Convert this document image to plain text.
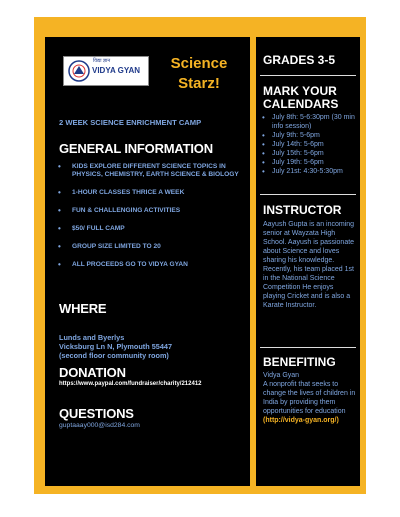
विद्या ज्ञान
VIDYA GYAN	Science Starz!
2 WEEK SCIENCE ENRICHMENT CAMP
GENERAL INFORMATION
• KIDS EXPLORE DIFFERENT SCIENCE TOPICS IN PHYSICS, CHEMISTRY, EARTH SCIENCE & BIOLOGY
• 1-HOUR CLASSES THRICE A WEEK
• FUN & CHALLENGING ACTIVITIES
• $50/ FULL CAMP
• GROUP SIZE LIMITED TO 20
• ALL PROCEEDS GO TO VIDYA GYAN
WHERE
Lunds and Byerlys
Vicksburg Ln N, Plymouth 55447
(second floor community room)
DONATION
https://www.paypal.com/fundraiser/charity/212412
QUESTIONS
guptaaay000@isd284.com
GRADES 3-5
MARK YOUR CALENDARS
• July 8th: 5-6:30pm (30 min info session)
• July 9th: 5-6pm
• July 14th: 5-6pm
• July 15th: 5-6pm
• July 19th: 5-6pm
• July 21st: 4:30-5:30pm
INSTRUCTOR
Aayush Gupta is an incoming senior at Wayzata High School. Aayush is passionate about Science and loves sharing his knowledge. Recently, his team placed 1st in the National Science Competition He enjoys playing Cricket and is also a Karate Instructor.
BENEFITING
Vidya Gyan
A nonprofit that seeks to change the lives of children in India by providing them opportunities for education
(http://vidya-gyan.org/)
